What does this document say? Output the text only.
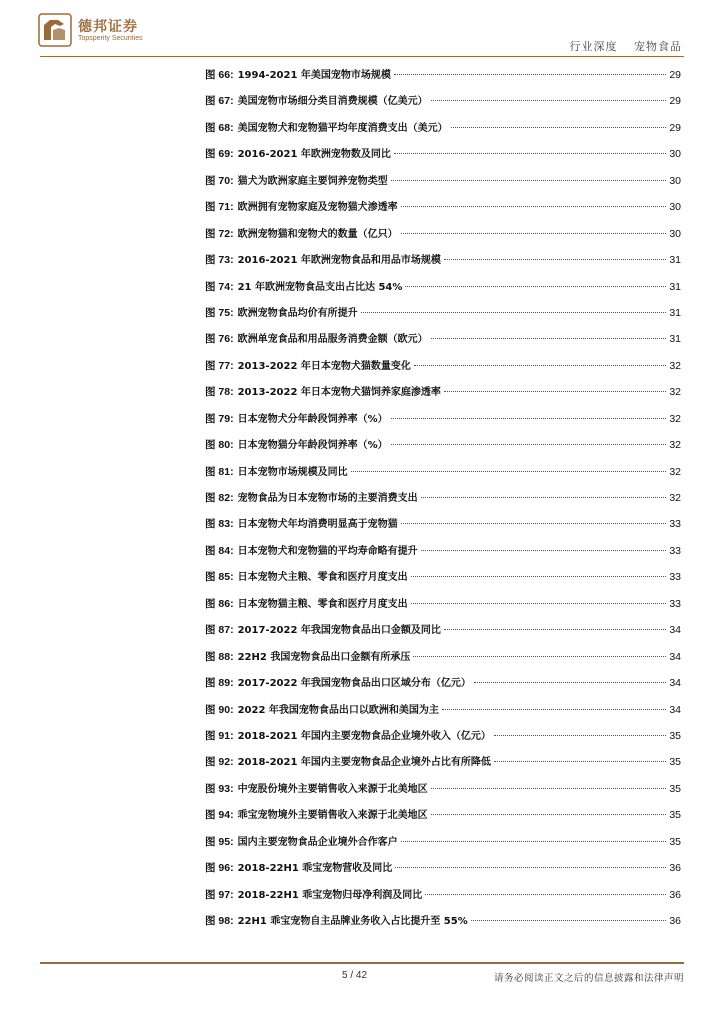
德邦证券
Topsperity Securities
行业深度 宠物食品
图 66: 1994-2021 年美国宠物市场规模	29
图 67: 美国宠物市场细分类目消费规模（亿美元）	29
图 68: 美国宠物犬和宠物猫平均年度消费支出（美元）	29
图 69: 2016-2021 年欧洲宠物数及同比	30
图 70: 猫犬为欧洲家庭主要饲养宠物类型	30
图 71: 欧洲拥有宠物家庭及宠物猫犬渗透率	30
图 72: 欧洲宠物猫和宠物犬的数量（亿只）	30
图 73: 2016-2021 年欧洲宠物食品和用品市场规模	31
图 74: 21 年欧洲宠物食品支出占比达 54%	31
图 75: 欧洲宠物食品均价有所提升	31
图 76: 欧洲单宠食品和用品服务消费金额（欧元）	31
图 77: 2013-2022 年日本宠物犬猫数量变化	32
图 78: 2013-2022 年日本宠物犬猫饲养家庭渗透率	32
图 79: 日本宠物犬分年龄段饲养率（%）	32
图 80: 日本宠物猫分年龄段饲养率（%）	32
图 81: 日本宠物市场规模及同比	32
图 82: 宠物食品为日本宠物市场的主要消费支出	32
图 83: 日本宠物犬年均消费明显高于宠物猫	33
图 84: 日本宠物犬和宠物猫的平均寿命略有提升	33
图 85: 日本宠物犬主粮、零食和医疗月度支出	33
图 86: 日本宠物猫主粮、零食和医疗月度支出	33
图 87: 2017-2022 年我国宠物食品出口金额及同比	34
图 88: 22H2 我国宠物食品出口金额有所承压	34
图 89: 2017-2022 年我国宠物食品出口区域分布（亿元）	34
图 90: 2022 年我国宠物食品出口以欧洲和美国为主	34
图 91: 2018-2021 年国内主要宠物食品企业境外收入（亿元）	35
图 92: 2018-2021 年国内主要宠物食品企业境外占比有所降低	35
图 93: 中宠股份境外主要销售收入来源于北美地区	35
图 94: 乖宝宠物境外主要销售收入来源于北美地区	35
图 95: 国内主要宠物食品企业境外合作客户	35
图 96: 2018-22H1 乖宝宠物营收及同比	36
图 97: 2018-22H1 乖宝宠物归母净利润及同比	36
图 98: 22H1 乖宝宠物自主品牌业务收入占比提升至 55%	36
5 / 42	请务必阅读正文之后的信息披露和法律声明
